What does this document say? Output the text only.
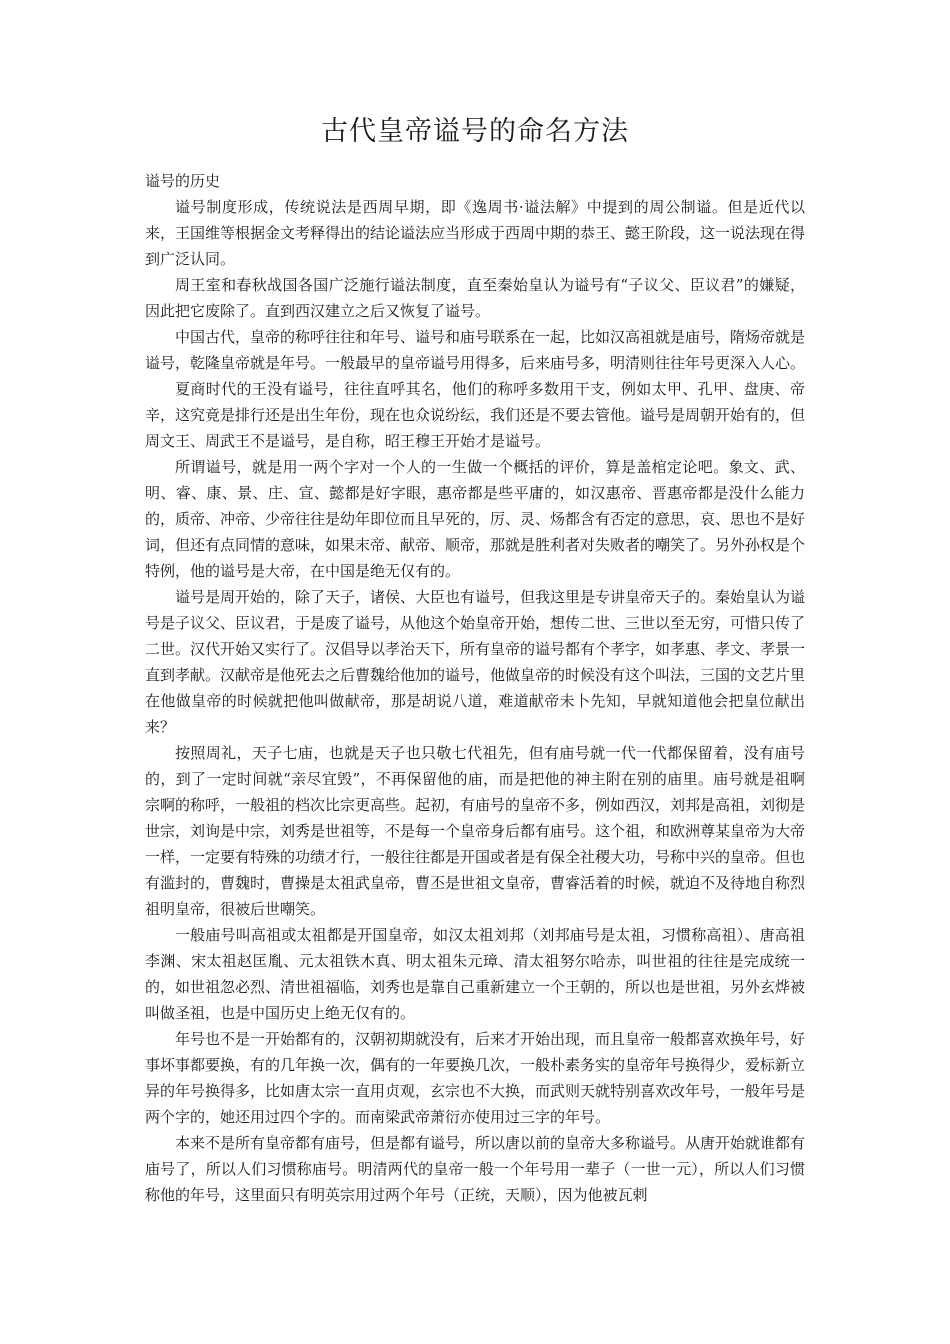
古代皇帝谥号的命名方法

谥号的历史

谥号制度形成，传统说法是西周早期，即《逸周书·谥法解》中提到的周公制谥。但是近代以来，王国维等根据金文考释得出的结论谥法应当形成于西周中期的恭王、懿王阶段，这一说法现在得到广泛认同。

周王室和春秋战国各国广泛施行谥法制度，直至秦始皇认为谥号有“子议父、臣议君”的嫌疑，因此把它废除了。直到西汉建立之后又恢复了谥号。

中国古代，皇帝的称呼往往和年号、谥号和庙号联系在一起，比如汉高祖就是庙号，隋炀帝就是谥号，乾隆皇帝就是年号。一般最早的皇帝谥号用得多，后来庙号多，明清则往往年号更深入人心。

夏商时代的王没有谥号，往往直呼其名，他们的称呼多数用干支，例如太甲、孔甲、盘庚、帝辛，这究竟是排行还是出生年份，现在也众说纷纭，我们还是不要去管他。谥号是周朝开始有的，但周文王、周武王不是谥号，是自称，昭王穆王开始才是谥号。

所谓谥号，就是用一两个字对一个人的一生做一个概括的评价，算是盖棺定论吧。象文、武、明、睿、康、景、庄、宣、懿都是好字眼，惠帝都是些平庸的，如汉惠帝、晋惠帝都是没什么能力的，质帝、冲帝、少帝往往是幼年即位而且早死的，厉、灵、炀都含有否定的意思，哀、思也不是好词，但还有点同情的意味，如果末帝、献帝、顺帝，那就是胜利者对失败者的嘲笑了。另外孙权是个特例，他的谥号是大帝，在中国是绝无仅有的。

谥号是周开始的，除了天子，诸侯、大臣也有谥号，但我这里是专讲皇帝天子的。秦始皇认为谥号是子议父、臣议君，于是废了谥号，从他这个始皇帝开始，想传二世、三世以至无穷，可惜只传了二世。汉代开始又实行了。汉倡导以孝治天下，所有皇帝的谥号都有个孝字，如孝惠、孝文、孝景一直到孝献。汉献帝是他死去之后曹魏给他加的谥号，他做皇帝的时候没有这个叫法，三国的文艺片里在他做皇帝的时候就把他叫做献帝，那是胡说八道，难道献帝未卜先知，早就知道他会把皇位献出来？

按照周礼，天子七庙，也就是天子也只敬七代祖先，但有庙号就一代一代都保留着，没有庙号的，到了一定时间就“亲尽宜毁”，不再保留他的庙，而是把他的神主附在别的庙里。庙号就是祖啊宗啊的称呼，一般祖的档次比宗更高些。起初，有庙号的皇帝不多，例如西汉，刘邦是高祖，刘彻是世宗，刘询是中宗，刘秀是世祖等，不是每一个皇帝身后都有庙号。这个祖，和欧洲尊某皇帝为大帝一样，一定要有特殊的功绩才行，一般往往都是开国或者是有保全社稷大功，号称中兴的皇帝。但也有滥封的，曹魏时，曹操是太祖武皇帝，曹丕是世祖文皇帝，曹睿活着的时候，就迫不及待地自称烈祖明皇帝，很被后世嘲笑。

一般庙号叫高祖或太祖都是开国皇帝，如汉太祖刘邦（刘邦庙号是太祖，习惯称高祖）、唐高祖李渊、宋太祖赵匡胤、元太祖铁木真、明太祖朱元璋、清太祖努尔哈赤，叫世祖的往往是完成统一的，如世祖忽必烈、清世祖福临，刘秀也是靠自己重新建立一个王朝的，所以也是世祖，另外玄烨被叫做圣祖，也是中国历史上绝无仅有的。

年号也不是一开始都有的，汉朝初期就没有，后来才开始出现，而且皇帝一般都喜欢换年号，好事坏事都要换，有的几年换一次，偶有的一年要换几次，一般朴素务实的皇帝年号换得少，爱标新立异的年号换得多，比如唐太宗一直用贞观，玄宗也不大换，而武则天就特别喜欢改年号，一般年号是两个字的，她还用过四个字的。而南梁武帝萧衍亦使用过三字的年号。

本来不是所有皇帝都有庙号，但是都有谥号，所以唐以前的皇帝大多称谥号。从唐开始就谁都有庙号了，所以人们习惯称庙号。明清两代的皇帝一般一个年号用一辈子（一世一元），所以人们习惯称他的年号，这里面只有明英宗用过两个年号（正统，天顺），因为他被瓦剌
